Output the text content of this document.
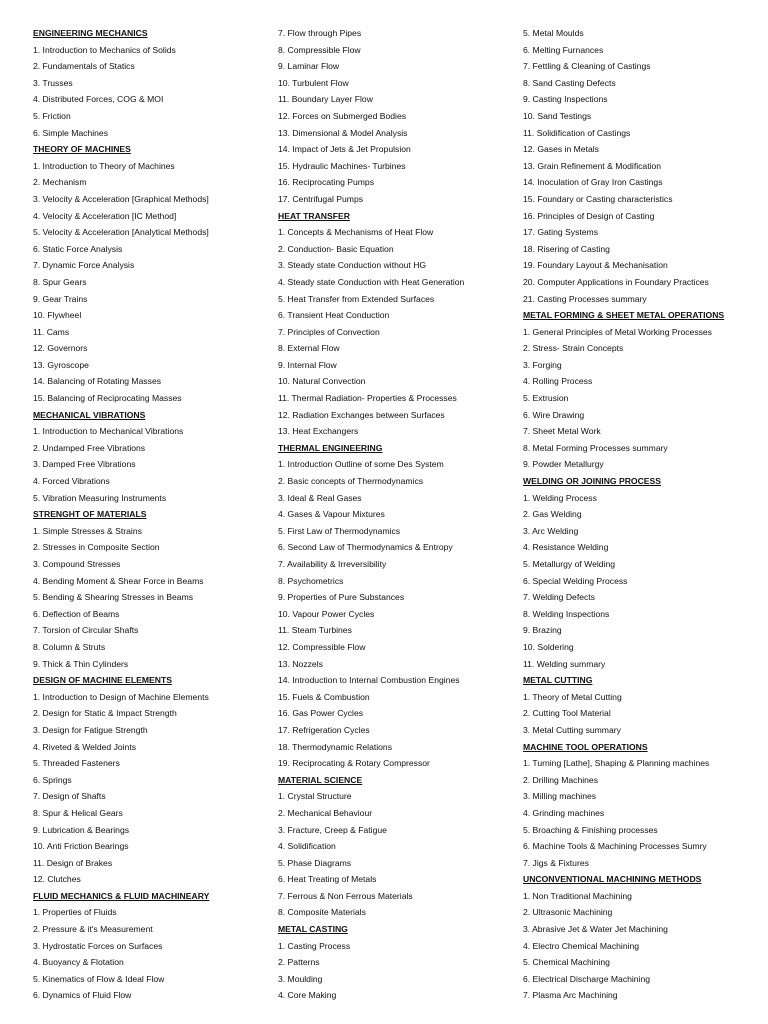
ENGINEERING MECHANICS
1. Introduction to Mechanics of Solids
2. Fundamentals of Statics
3. Trusses
4. Distributed Forces, COG & MOI
5. Friction
6. Simple Machines
THEORY OF MACHINES
1. Introduction to Theory of Machines
2. Mechanism
3. Velocity & Acceleration [Graphical Methods]
4. Velocity & Acceleration [IC Method]
5. Velocity & Acceleration [Analytical Methods]
6. Static Force Analysis
7. Dynamic Force Analysis
8. Spur Gears
9. Gear Trains
10. Flywheel
11. Cams
12. Governors
13. Gyroscope
14. Balancing of Rotating Masses
15. Balancing of Reciprocating Masses
MECHANICAL VIBRATIONS
1. Introduction to Mechanical Vibrations
2. Undamped Free Vibrations
3. Damped Free Vibrations
4. Forced Vibrations
5. Vibration Measuring Instruments
STRENGHT OF MATERIALS
1. Simple Stresses & Strains
2. Stresses in Composite Section
3. Compound Stresses
4. Bending Moment & Shear Force in Beams
5. Bending & Shearing Stresses in Beams
6. Deflection of Beams
7. Torsion of Circular Shafts
8. Column & Struts
9. Thick & Thin Cylinders
DESIGN OF MACHINE ELEMENTS
1. Introduction to Design of Machine Elements
2. Design for Static & Impact Strength
3. Design for Fatigue Strength
4. Riveted & Welded Joints
5. Threaded Fasteners
6. Springs
7. Design of Shafts
8. Spur & Helical Gears
9. Lubrication & Bearings
10. Anti Friction Bearings
11. Design of Brakes
12. Clutches
FLUID MECHANICS & FLUID MACHINEARY
1. Properties of Fluids
2. Pressure & it's Measurement
3. Hydrostatic Forces on Surfaces
4. Buoyancy & Flotation
5. Kinematics of Flow & Ideal Flow
6. Dynamics of Fluid Flow
7. Flow through Pipes
8. Compressible Flow
9. Laminar Flow
10. Turbulent Flow
11. Boundary Layer Flow
12. Forces on Submerged Bodies
13. Dimensional & Model Analysis
14. Impact of Jets & Jet Propulsion
15. Hydraulic Machines- Turbines
16. Reciprocating Pumps
17. Centrifugal Pumps
HEAT TRANSFER
1. Concepts & Mechanisms of Heat Flow
2. Conduction- Basic Equation
3. Steady state Conduction without HG
4. Steady state Conduction with Heat Generation
5. Heat Transfer from Extended Surfaces
6. Transient Heat Conduction
7. Principles of Convection
8. External Flow
9. Internal Flow
10. Natural Convection
11. Thermal Radiation- Properties & Processes
12. Radiation Exchanges between Surfaces
13. Heat Exchangers
THERMAL ENGINEERING
1. Introduction Outline of some Des System
2. Basic concepts of Thermodynamics
3. Ideal & Real Gases
4. Gases & Vapour Mixtures
5. First Law of Thermodynamics
6. Second Law of Thermodynamics & Entropy
7. Availability & Irreversibility
8. Psychometrics
9. Properties of Pure Substances
10. Vapour Power Cycles
11. Steam Turbines
12. Compressible Flow
13. Nozzels
14. Introduction to Internal Combustion Engines
15. Fuels & Combustion
16. Gas Power Cycles
17. Refrigeration Cycles
18. Thermodynamic Relations
19. Reciprocating & Rotary Compressor
MATERIAL SCIENCE
1. Crystal Structure
2. Mechanical Behaviour
3. Fracture, Creep & Fatigue
4. Solidification
5. Phase Diagrams
6. Heat Treating of Metals
7. Ferrous & Non Ferrous Materials
8. Composite Materials
METAL CASTING
1. Casting Process
2. Patterns
3. Moulding
4. Core Making
5. Metal Moulds
6. Melting Furnances
7. Fettling & Cleaning of Castings
8. Sand Casting Defects
9. Casting Inspections
10. Sand Testings
11. Solidification of Castings
12. Gases in Metals
13. Grain Refinement & Modification
14. Inoculation of Gray Iron Castings
15. Foundary or Casting characteristics
16. Principles of Design of Casting
17. Gating Systems
18. Risering of Casting
19. Foundary Layout & Mechanisation
20. Computer Applications in Foundary Practices
21. Casting Processes summary
METAL FORMING & SHEET METAL OPERATIONS
1. General Principles of Metal Working Processes
2. Stress- Strain Concepts
3. Forging
4. Rolling Process
5. Extrusion
6. Wire Drawing
7. Sheet Metal Work
8. Metal Forming Processes summary
9. Powder Metallurgy
WELDING OR JOINING PROCESS
1. Welding Process
2. Gas Welding
3. Arc Welding
4. Resistance Welding
5. Metallurgy of Welding
6. Special Welding Process
7. Welding Defects
8. Welding Inspections
9. Brazing
10. Soldering
11. Welding summary
METAL CUTTING
1. Theory of Metal Cutting
2. Cutting Tool Material
3. Metal Cutting summary
MACHINE TOOL OPERATIONS
1. Turning [Lathe], Shaping & Planning machines
2. Drilling Machines
3. Milling machines
4. Grinding machines
5. Broaching & Finishing processes
6. Machine Tools & Machining Processes Sumry
7. Jigs & Fixtures
UNCONVENTIONAL MACHINING METHODS
1. Non Traditional Machining
2. Ultrasonic Machining
3. Abrasive Jet & Water Jet Machining
4. Electro Chemical Machining
5. Chemical Machining
6. Electrical Discharge Machining
7. Plasma Arc Machining
